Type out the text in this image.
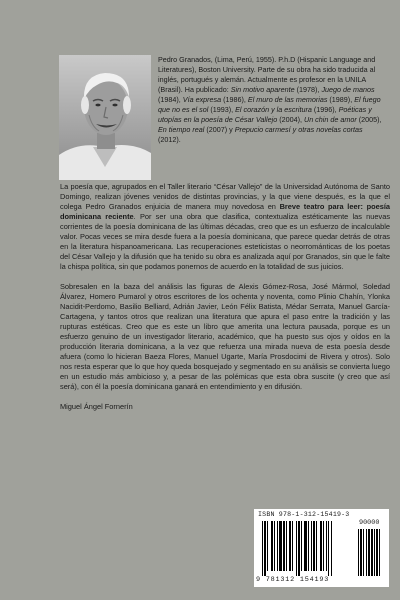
Pedro Granados, (Lima, Perú, 1955). P.h.D (Hispanic Language and Literatures), Boston University. Parte de su obra ha sido traducida al inglés, portugués y alemán. Actualmente es profesor en la UNILA (Brasil). Ha publicado: Sin motivo aparente (1978), Juego de manos (1984), Vía expresa (1986), El muro de las memorias (1989), El fuego que no es el sol (1993), El corazón y la escritura (1996), Poéticas y utopías en la poesía de César Vallejo (2004), Un chin de amor (2005), En tiempo real (2007) y Prepucio carmesí y otras novelas cortas (2012).

La poesía que, agrupados en el Taller literario “César Vallejo” de la Universidad Autónoma de Santo Domingo, realizan jóvenes venidos de distintas provincias, y la que viene después, es la que el colega Pedro Granados enjuicia de manera muy novedosa en Breve teatro para leer: poesía dominicana reciente. Por ser una obra que clasifica, contextualiza estéticamente las nuevas corrientes de la poesía dominicana de las últimas décadas, creo que es un esfuerzo de incalculable valor. Pocas veces se mira desde fuera a la poesía dominicana, que parece quedar detrás de otras en la literatura hispanoamericana. Las recuperaciones esteticistas o neorrománticas de los poetas del César Vallejo y la difusión que ha tenido su obra es analizada aquí por Granados, sin que le falte la chispa política, sin que podamos ponernos de acuerdo en la totalidad de sus juicios.

Sobresalen en la baza del análisis las figuras de Alexis Gómez-Rosa, José Mármol, Soledad Álvarez, Homero Pumarol y otros escritores de los ochenta y noventa, como Plinio Chahín, Ylonka Nacidit-Perdomo, Basilio Belliard, Adrián Javier, León Félix Batista, Médar Serrata, Manuel García-Cartagena, y tantos otros que realizan una literatura que apura el paso entre la tradición y las rupturas estéticas. Creo que es este un libro que amerita una lectura pausada, porque es un esfuerzo genuino de un investigador literario, académico, que ha puesto sus ojos y oídos en la producción literaria dominicana, a la vez que refuerza una mirada nueva de esta poesía desde afuera (como lo hicieran Baeza Flores, Manuel Ugarte, María Prosdocimi de Rivera y otros). Solo nos resta esperar que lo que hoy queda bosquejado y segmentado en su análisis se convierta luego en un estudio más ambicioso y, a pesar de las polémicas que esta obra suscite (y creo que así será), con él la poesía dominicana ganará en entendimiento y en difusión.

Miguel Ángel Fornerín

ISBN 978-1-312-15419-3
90000
9 781312 154193
